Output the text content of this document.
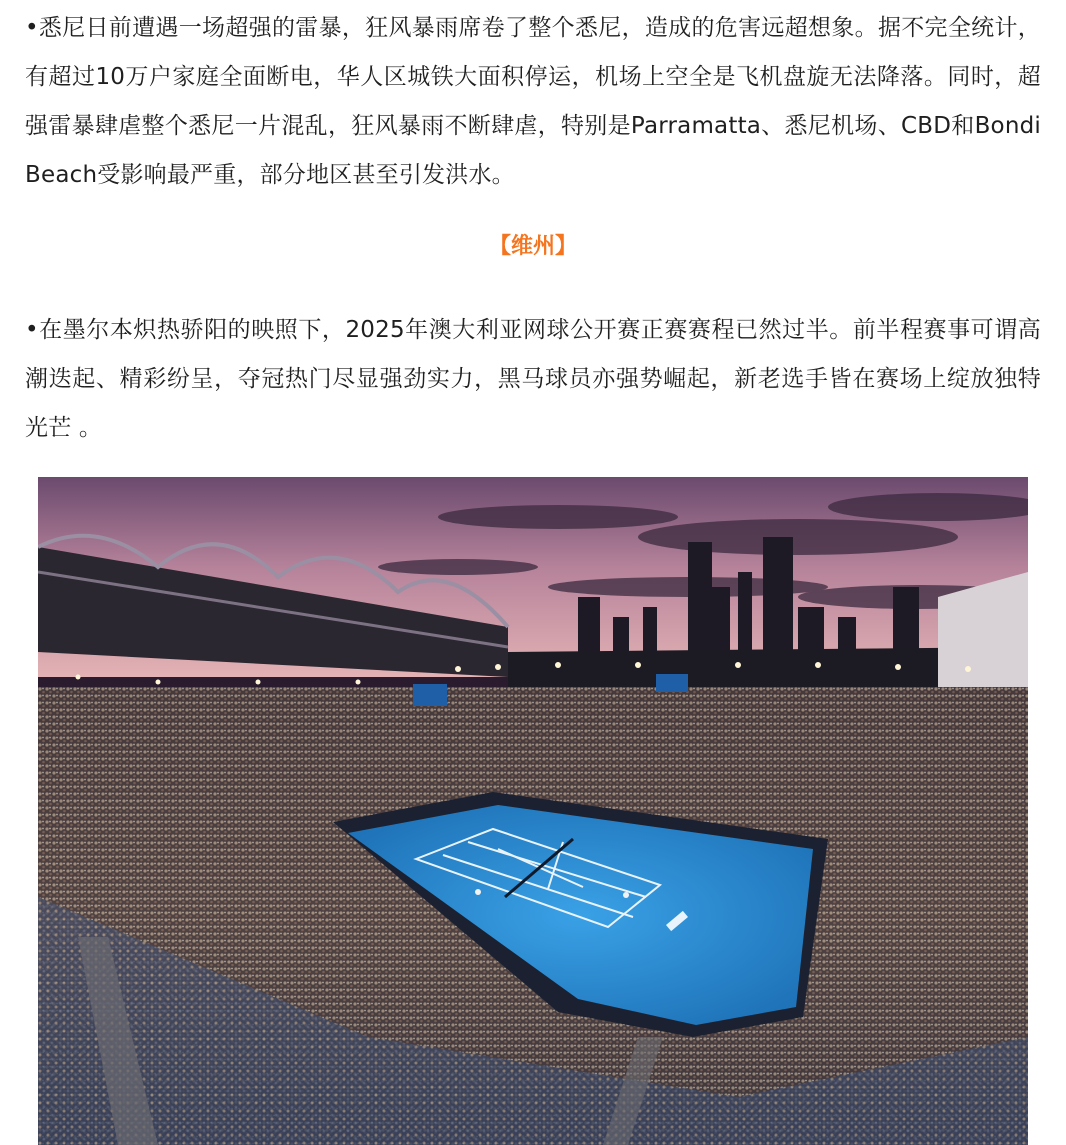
•悉尼日前遭遇一场超强的雷暴，狂风暴雨席卷了整个悉尼，造成的危害远超想象。据不完全统计，有超过10万户家庭全面断电，华人区城铁大面积停运，机场上空全是飞机盘旋无法降落。同时，超强雷暴肆虐整个悉尼一片混乱，狂风暴雨不断肆虐，特别是Parramatta、悉尼机场、CBD和Bondi Beach受影响最严重，部分地区甚至引发洪水。

【维州】

•在墨尔本炽热骄阳的映照下，2025年澳大利亚网球公开赛正赛赛程已然过半。前半程赛事可谓高潮迭起、精彩纷呈，夺冠热门尽显强劲实力，黑马球员亦强势崛起，新老选手皆在赛场上绽放独特光芒 。
